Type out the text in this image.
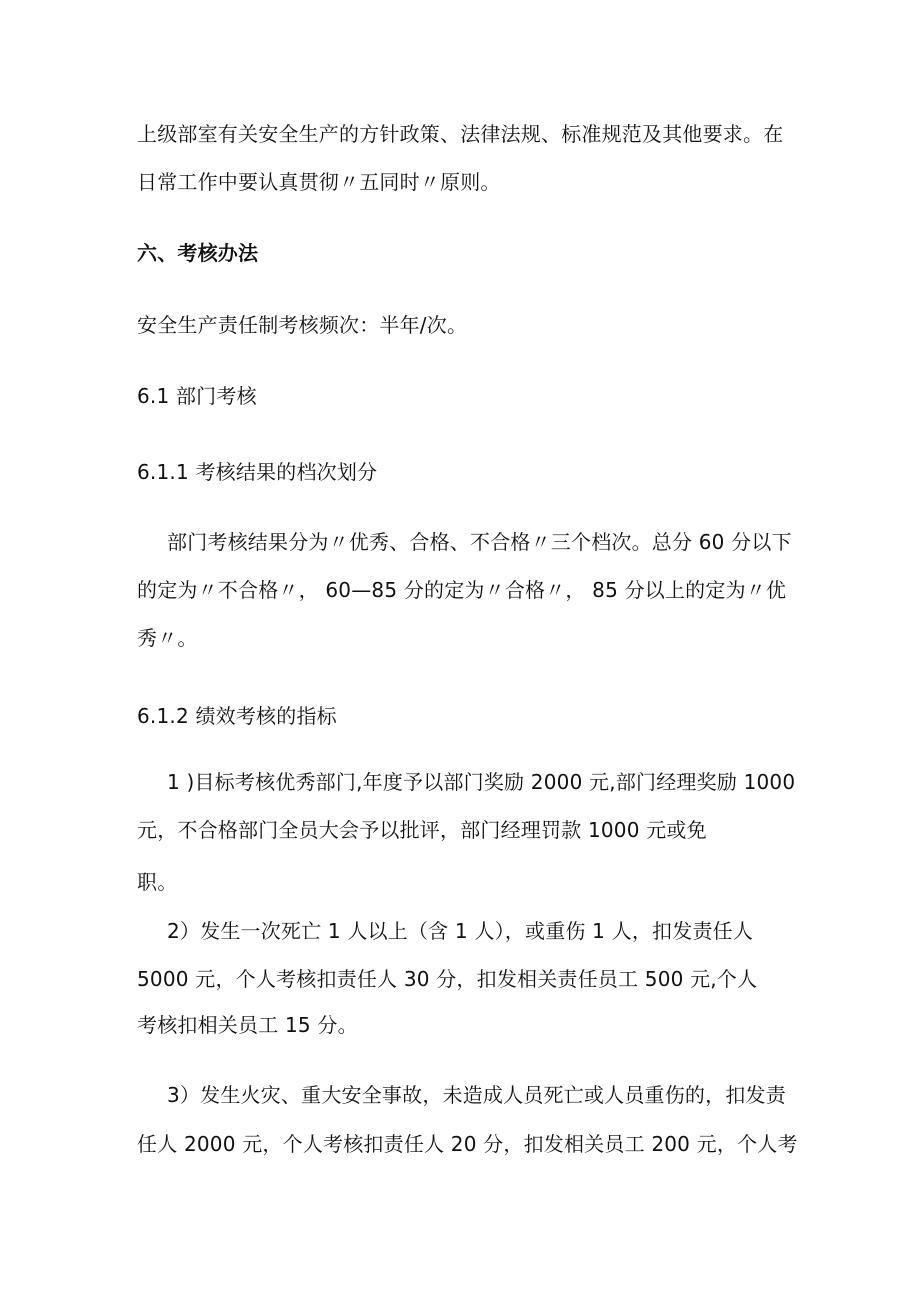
上级部室有关安全生产的方针政策、法律法规、标准规范及其他要求。在
日常工作中要认真贯彻〃五同时〃原则。
六、考核办法
安全生产责任制考核频次：半年/次。
6.1 部门考核
6.1.1 考核结果的档次划分
部门考核结果分为〃优秀、合格、不合格〃三个档次。总分 60 分以下
的定为〃不合格〃， 60—85 分的定为〃合格〃， 85 分以上的定为〃优
秀〃。
6.1.2 绩效考核的指标
1 )目标考核优秀部门,年度予以部门奖励 2000 元,部门经理奖励 1000
元，不合格部门全员大会予以批评，部门经理罚款 1000 元或免
职。
2）发生一次死亡 1 人以上（含 1 人），或重伤 1 人，扣发责任人
5000 元，个人考核扣责任人 30 分，扣发相关责任员工 500 元,个人
考核扣相关员工 15 分。
3）发生火灾、重大安全事故，未造成人员死亡或人员重伤的，扣发责
任人 2000 元，个人考核扣责任人 20 分，扣发相关员工 200 元，个人考
